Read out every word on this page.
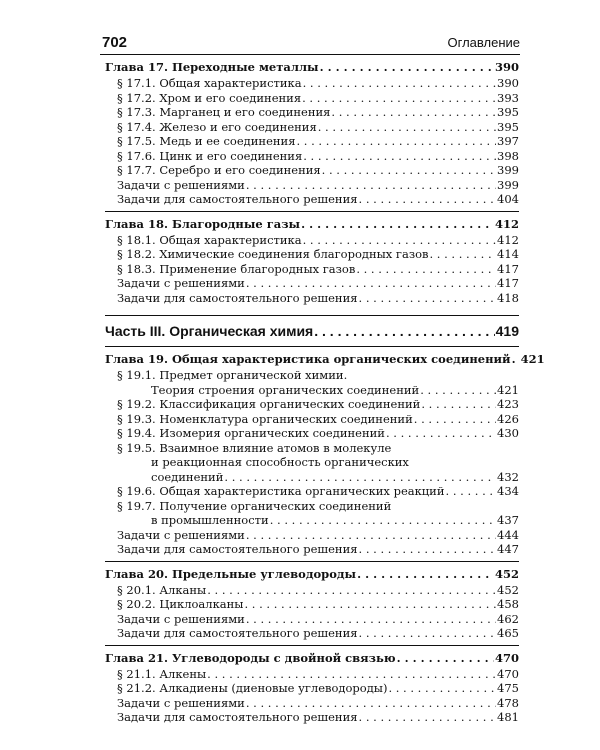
702	Оглавление
Глава 17. Переходные металлы . . .	390
§ 17.1. Общая характеристика . . .	390
§ 17.2. Хром и его соединения . . .	393
§ 17.3. Марганец и его соединения . . .	395
§ 17.4. Железо и его соединения . . .	395
§ 17.5. Медь и ее соединения . . .	397
§ 17.6. Цинк и его соединения . . .	398
§ 17.7. Серебро и его соединения . . .	399
Задачи с решениями . . .	399
Задачи для самостоятельного решения . . .	404
Глава 18. Благородные газы . . .	412
§ 18.1. Общая характеристика . . .	412
§ 18.2. Химические соединения благородных газов . . .	414
§ 18.3. Применение благородных газов . . .	417
Задачи с решениями . . .	417
Задачи для самостоятельного решения . . .	418
Часть III. Органическая химия . . .	419
Глава 19. Общая характеристика органических соединений . . . 421
§ 19.1. Предмет органической химии.
Теория строения органических соединений . . .	421
§ 19.2. Классификация органических соединений . . .	423
§ 19.3. Номенклатура органических соединений . . .	426
§ 19.4. Изомерия органических соединений . . .	430
§ 19.5. Взаимное влияние атомов в молекуле
и реакционная способность органических
соединений . . .	432
§ 19.6. Общая характеристика органических реакций . . .	434
§ 19.7. Получение органических соединений
в промышленности . . .	437
Задачи с решениями . . .	444
Задачи для самостоятельного решения . . .	447
Глава 20. Предельные углеводороды . . .	452
§ 20.1. Алканы . . .	452
§ 20.2. Циклоалканы . . .	458
Задачи с решениями . . .	462
Задачи для самостоятельного решения . . .	465
Глава 21. Углеводороды с двойной связью . . .	470
§ 21.1. Алкены . . .	470
§ 21.2. Алкадиены (диеновые углеводороды) . . .	475
Задачи с решениями . . .	478
Задачи для самостоятельного решения . . .	481
